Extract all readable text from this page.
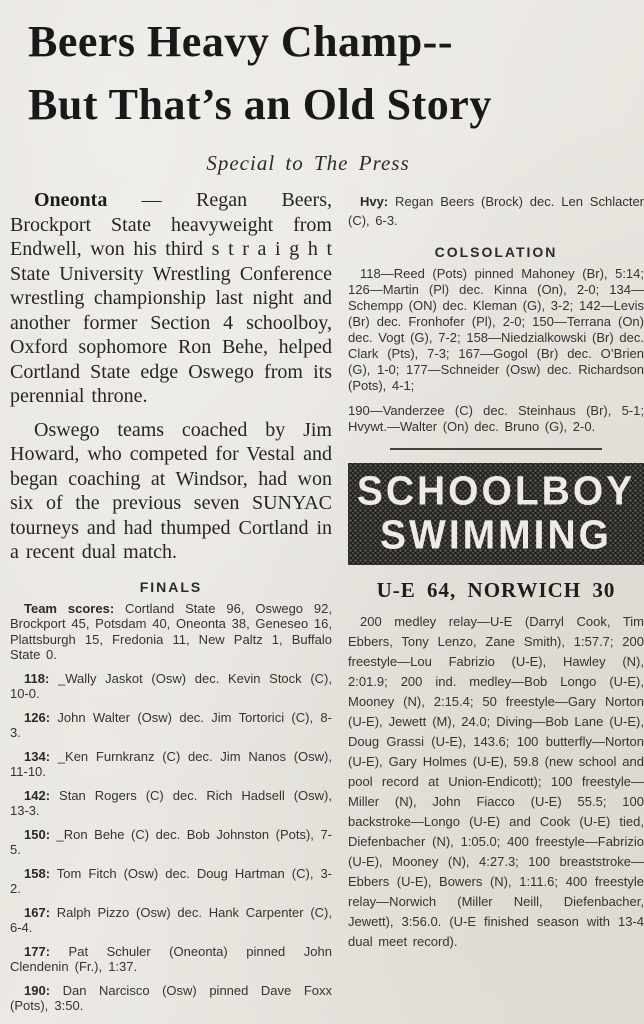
Beers Heavy Champ--
But That’s an Old Story
Special to The Press

Oneonta — Regan Beers, Brockport State heavyweight from Endwell, won his third s t r a i g h t State University Wrestling Conference wrestling championship last night and another former Section 4 schoolboy, Oxford sophomore Ron Behe, helped Cortland State edge Oswego from its perennial throne.

Oswego teams coached by Jim Howard, who competed for Vestal and began coaching at Windsor, had won six of the previous seven SUNYAC tourneys and had thumped Cortland in a recent dual match.

FINALS

Team scores: Cortland State 96, Oswego 92, Brockport 45, Potsdam 40, Oneonta 38, Geneseo 16, Plattsburgh 15, Fredonia 11, New Paltz 1, Buffalo State 0.

118: _Wally Jaskot (Osw) dec. Kevin Stock (C), 10-0.

126: John Walter (Osw) dec. Jim Tortorici (C), 8-3.

134: _Ken Furnkranz (C) dec. Jim Nanos (Osw), 11-10.

142: Stan Rogers (C) dec. Rich Hadsell (Osw), 13-3.

150: _Ron Behe (C) dec. Bob Johnston (Pots), 7-5.

158: Tom Fitch (Osw) dec. Doug Hartman (C), 3-2.

167: Ralph Pizzo (Osw) dec. Hank Carpenter (C), 6-4.

177: Pat Schuler (Oneonta) pinned John Clendenin (Fr.), 1:37.

190: Dan Narcisco (Osw) pinned Dave Foxx (Pots), 3:50.

Hvy: Regan Beers (Brock) dec. Len Schlacter (C), 6-3.

COLSOLATION

118—Reed (Pots) pinned Mahoney (Br), 5:14; 126—Martin (Pl) dec. Kinna (On), 2-0; 134—Schempp (ON) dec. Kleman (G), 3-2; 142—Levis (Br) dec. Fronhofer (Pl), 2-0; 150—Terrana (On) dec. Vogt (G), 7-2; 158—Niedzialkowski (Br) dec. Clark (Pts), 7-3; 167—Gogol (Br) dec. O’Brien (G), 1-0; 177—Schneider (Osw) dec. Richardson (Pots), 4-1;

190—Vanderzee (C) dec. Steinhaus (Br), 5-1; Hvywt.—Walter (On) dec. Bruno (G), 2-0.

SCHOOLBOY
SWIMMING
U-E 64, NORWICH 30

200 medley relay—U-E (Darryl Cook, Tim Ebbers, Tony Lenzo, Zane Smith), 1:57.7; 200 freestyle—Lou Fabrizio (U-E), Hawley (N), 2:01.9; 200 ind. medley—Bob Longo (U-E), Mooney (N), 2:15.4; 50 freestyle—Gary Norton (U-E), Jewett (M), 24.0; Diving—Bob Lane (U-E), Doug Grassi (U-E), 143.6; 100 butterfly—Norton (U-E), Gary Holmes (U-E), 59.8 (new school and pool record at Union-Endicott); 100 freestyle—Miller (N), John Fiacco (U-E) 55.5; 100 backstroke—Longo (U-E) and Cook (U-E) tied, Diefenbacher (N), 1:05.0; 400 freestyle—Fabrizio (U-E), Mooney (N), 4:27.3; 100 breaststroke—Ebbers (U-E), Bowers (N), 1:11.6; 400 freestyle relay—Norwich (Miller Neill, Diefenbacher, Jewett), 3:56.0. (U-E finished season with 13-4 dual meet record).
